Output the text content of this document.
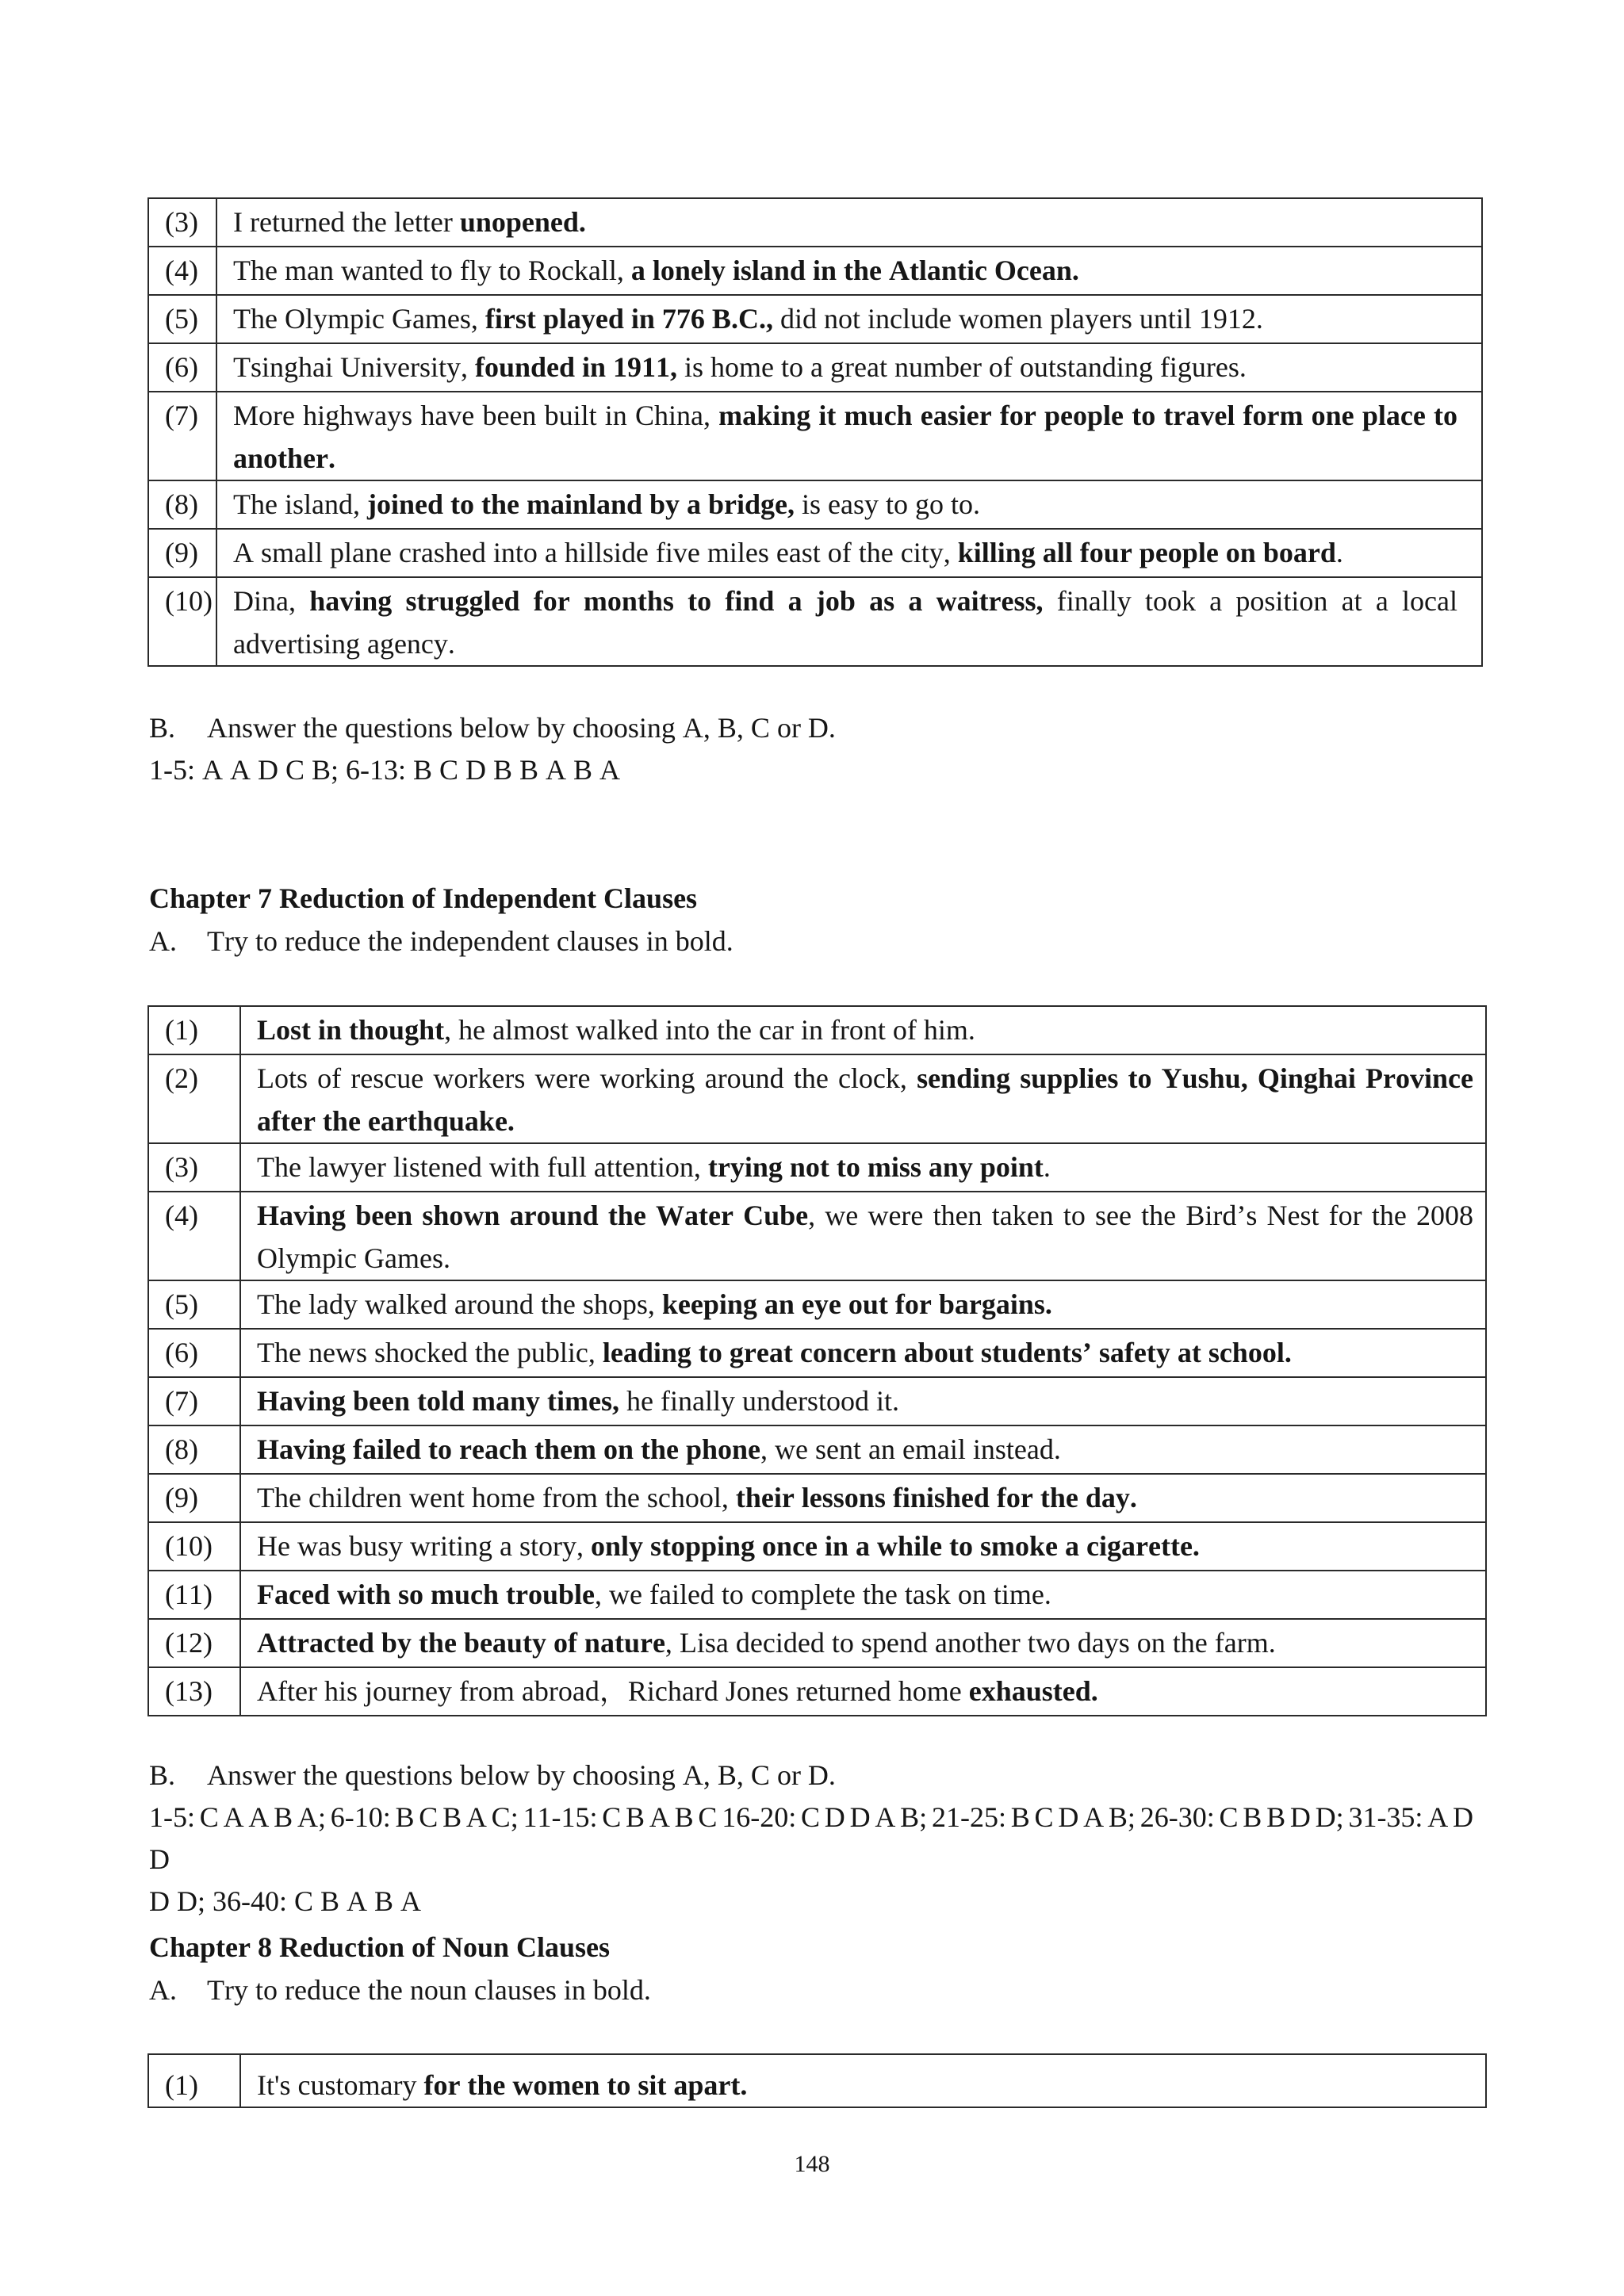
(3)	I returned the letter unopened.
(4)	The man wanted to fly to Rockall, a lonely island in the Atlantic Ocean.
(5)	The Olympic Games, first played in 776 B.C., did not include women players until 1912.
(6)	Tsinghai University, founded in 1911, is home to a great number of outstanding figures.
(7)	More highways have been built in China, making it much easier for people to travel form one place to another.
(8)	The island, joined to the mainland by a bridge, is easy to go to.
(9)	A small plane crashed into a hillside five miles east of the city, killing all four people on board.
(10)	Dina, having struggled for months to find a job as a waitress, finally took a position at a local advertising agency.
B. Answer the questions below by choosing A, B, C or D.
1-5: A A D C B; 6-13: B C D B B A B A
Chapter 7 Reduction of Independent Clauses
A. Try to reduce the independent clauses in bold.
(1)	Lost in thought, he almost walked into the car in front of him.
(2)	Lots of rescue workers were working around the clock, sending supplies to Yushu, Qinghai Province after the earthquake.
(3)	The lawyer listened with full attention, trying not to miss any point.
(4)	Having been shown around the Water Cube, we were then taken to see the Bird’s Nest for the 2008 Olympic Games.
(5)	The lady walked around the shops, keeping an eye out for bargains.
(6)	The news shocked the public, leading to great concern about students’ safety at school.
(7)	Having been told many times, he finally understood it.
(8)	Having failed to reach them on the phone, we sent an email instead.
(9)	The children went home from the school, their lessons finished for the day.
(10)	He was busy writing a story, only stopping once in a while to smoke a cigarette.
(11)	Faced with so much trouble, we failed to complete the task on time.
(12)	Attracted by the beauty of nature, Lisa decided to spend another two days on the farm.
(13)	After his journey from abroad，Richard Jones returned home exhausted.
B. Answer the questions below by choosing A, B, C or D.
1-5: C A A B A; 6-10: B C B A C; 11-15: C B A B C 16-20: C D D A B; 21-25: B C D A B; 26-30: C B B D D; 31-35: A D D
D D; 36-40: C B A B A
Chapter 8 Reduction of Noun Clauses
A. Try to reduce the noun clauses in bold.
(1)	It's customary for the women to sit apart.
148
